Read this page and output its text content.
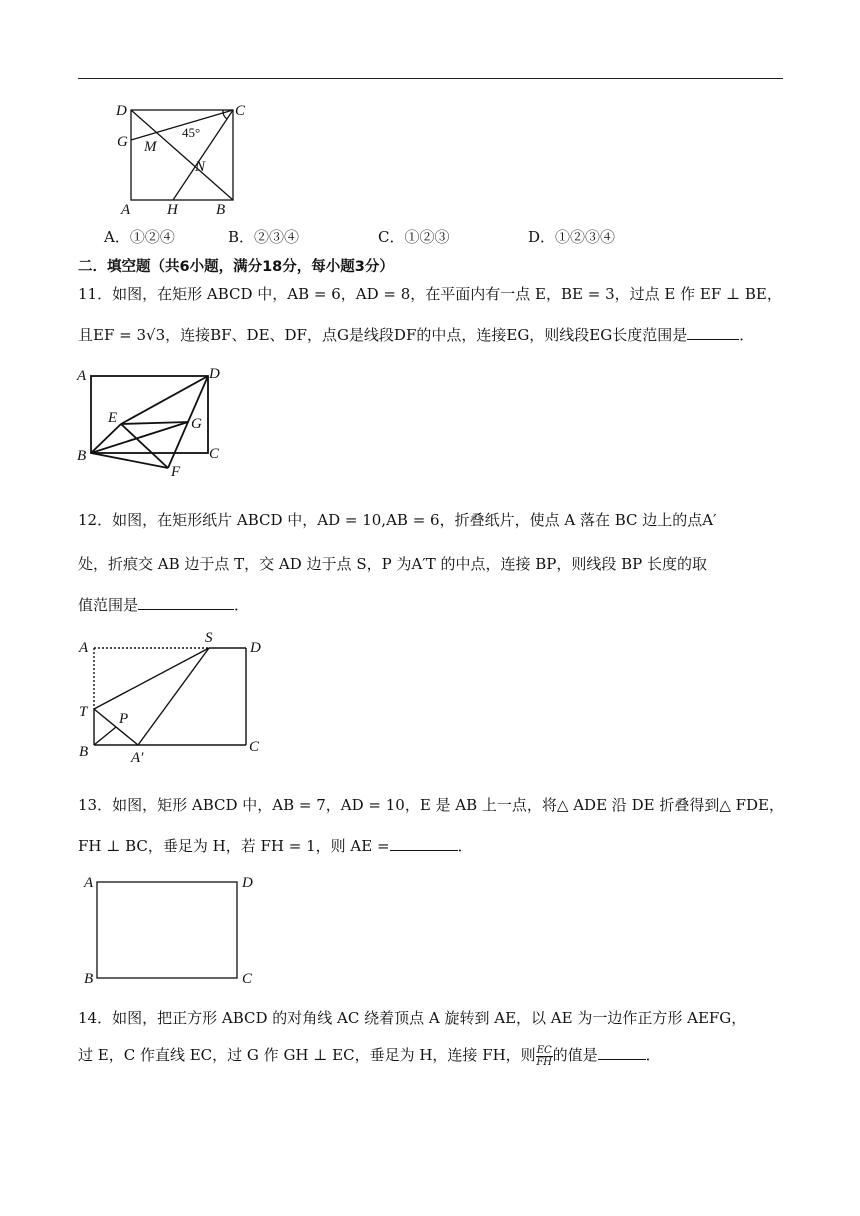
D	C
G M
45°
N
A H	B
A．①②④	B．②③④	C．①②③	D．①②③④
二．填空题（共6小题，满分18分，每小题3分）
11．如图，在矩形 ABCD 中，AB = 6，AD = 8，在平面内有一点 E，BE = 3，过点 E 作 EF ⊥ BE，
且EF = 3√3，连接BF、DE、DF，点G是线段DF的中点，连接EG，则线段EG长度范围是	．
A	D
E	G
B	C
F
12．如图，在矩形纸片 ABCD 中，AD = 10,AB = 6，折叠纸片，使点 A 落在 BC 边上的点A′
处，折痕交 AB 边于点 T，交 AD 边于点 S，P 为A′T 的中点，连接 BP，则线段 BP 长度的取
值范围是	．
A
S
D
T P
B	A′
C
13．如图，矩形 ABCD 中，AB = 7，AD = 10，E 是 AB 上一点，将△ ADE 沿 DE 折叠得到△ FDE，
FH ⊥ BC，垂足为 H，若 FH = 1，则 AE =	．
A	D
B	C
14．如图，把正方形 ABCD 的对角线 AC 绕着顶点 A 旋转到 AE，以 AE 为一边作正方形 AEFG，
过 E，C 作直线 EC，过 G 作 GH ⊥ EC，垂足为 H，连接 FH，则 $\frac{EC}{FH}$ 的值是	．
